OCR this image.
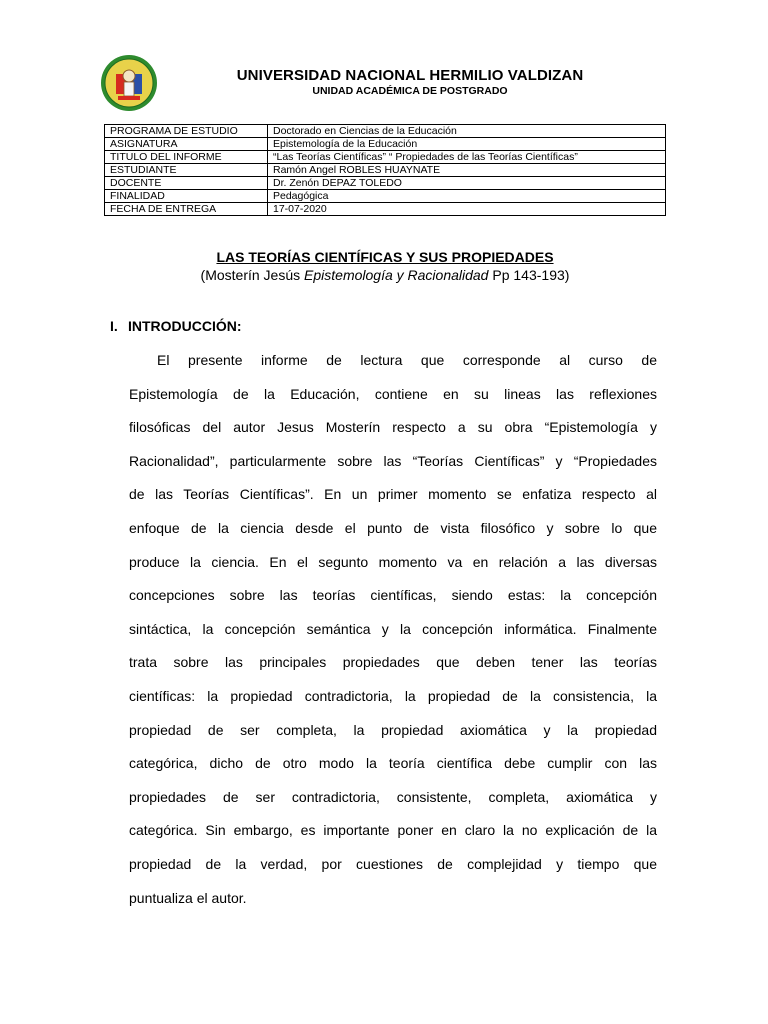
UNIVERSIDAD NACIONAL HERMILIO VALDIZAN
UNIDAD ACADÉMICA DE POSTGRADO
PROGRAMA DE ESTUDIO	Doctorado en Ciencias de la Educación
ASIGNATURA	Epistemología de la Educación
TITULO DEL INFORME	“Las Teorías Científicas” “ Propiedades de las Teorías Científicas”
ESTUDIANTE	Ramón Angel ROBLES HUAYNATE
DOCENTE	Dr. Zenón DEPAZ TOLEDO
FINALIDAD	Pedagógica
FECHA DE ENTREGA	17-07-2020
LAS TEORÍAS CIENTÍFICAS Y SUS PROPIEDADES
(Mosterín Jesús Epistemología y Racionalidad Pp 143-193)
I. INTRODUCCIÓN:
El presente informe de lectura que corresponde al curso de
Epistemología de la Educación, contiene en su lineas las reflexiones
filosóficas del autor Jesus Mosterín respecto a su obra “Epistemología y
Racionalidad”, particularmente sobre las “Teorías Científicas” y “Propiedades
de las Teorías Científicas”. En un primer momento se enfatiza respecto al
enfoque de la ciencia desde el punto de vista filosófico y sobre lo que
produce la ciencia. En el segunto momento va en relación a las diversas
concepciones sobre las teorías científicas, siendo estas: la concepción
sintáctica, la concepción semántica y la concepción informática. Finalmente
trata sobre las principales propiedades que deben tener las teorías
científicas: la propiedad contradictoria, la propiedad de la consistencia, la
propiedad de ser completa, la propiedad axiomática y la propiedad
categórica, dicho de otro modo la teoría científica debe cumplir con las
propiedades de ser contradictoria, consistente, completa, axiomática y
categórica. Sin embargo, es importante poner en claro la no explicación de la
propiedad de la verdad, por cuestiones de complejidad y tiempo que
puntualiza el autor.
